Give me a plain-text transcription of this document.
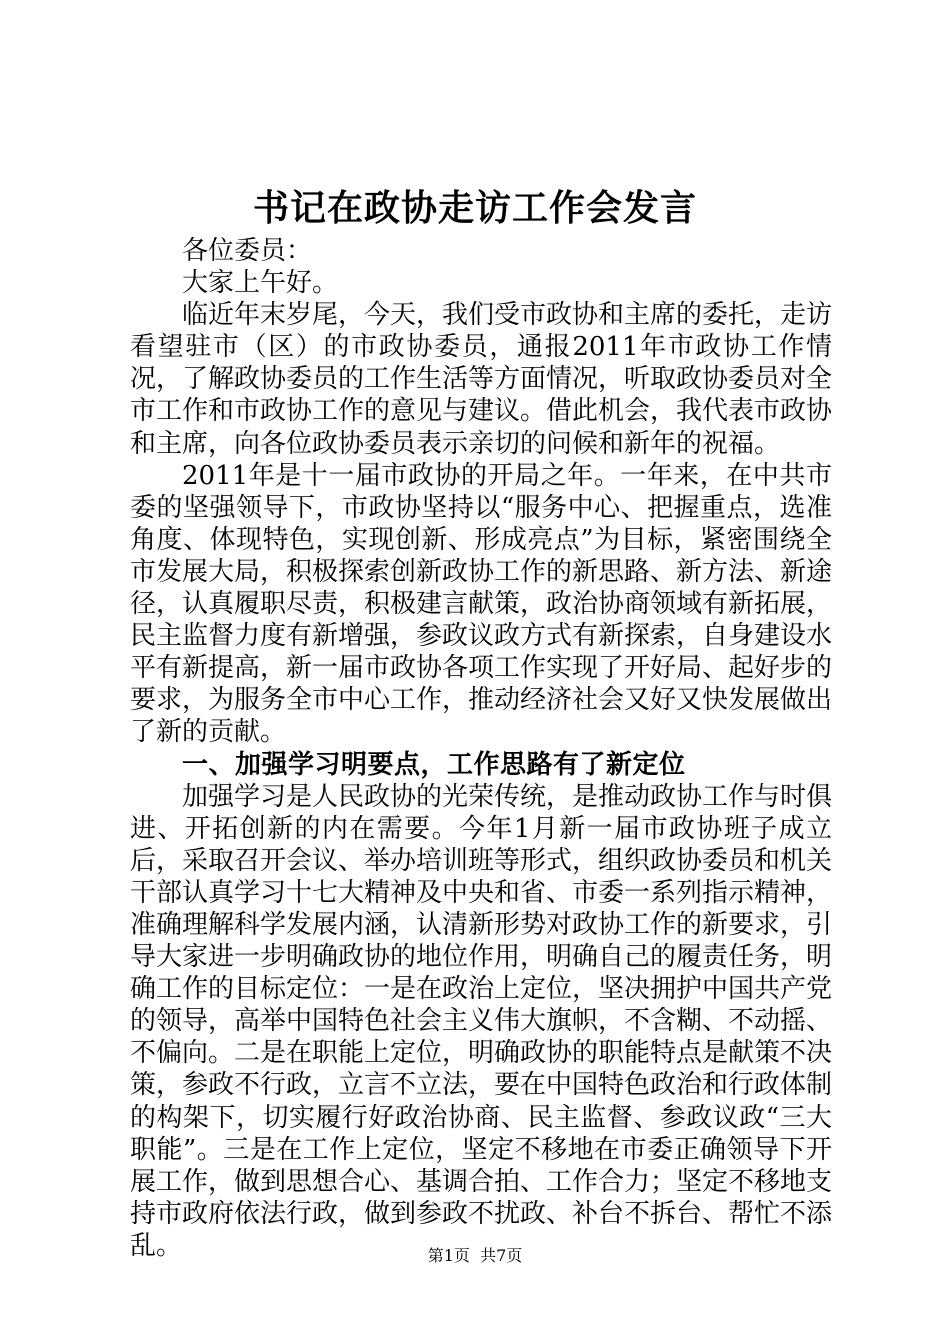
书记在政协走访工作会发言

各位委员：

大家上午好。

临近年末岁尾，今天，我们受市政协和主席的委托，走访看望驻市（区）的市政协委员，通报2011年市政协工作情况，了解政协委员的工作生活等方面情况，听取政协委员对全市工作和市政协工作的意见与建议。借此机会，我代表市政协和主席，向各位政协委员表示亲切的问候和新年的祝福。

2011年是十一届市政协的开局之年。一年来，在中共市委的坚强领导下，市政协坚持以“服务中心、把握重点，选准角度、体现特色，实现创新、形成亮点”为目标，紧密围绕全市发展大局，积极探索创新政协工作的新思路、新方法、新途径，认真履职尽责，积极建言献策，政治协商领域有新拓展，民主监督力度有新增强，参政议政方式有新探索，自身建设水平有新提高，新一届市政协各项工作实现了开好局、起好步的要求，为服务全市中心工作，推动经济社会又好又快发展做出了新的贡献。

一、加强学习明要点，工作思路有了新定位

加强学习是人民政协的光荣传统，是推动政协工作与时俱进、开拓创新的内在需要。今年1月新一届市政协班子成立后，采取召开会议、举办培训班等形式，组织政协委员和机关干部认真学习十七大精神及中央和省、市委一系列指示精神，准确理解科学发展内涵，认清新形势对政协工作的新要求，引导大家进一步明确政协的地位作用，明确自己的履责任务，明确工作的目标定位：一是在政治上定位，坚决拥护中国共产党的领导，高举中国特色社会主义伟大旗帜，不含糊、不动摇、不偏向。二是在职能上定位，明确政协的职能特点是献策不决策，参政不行政，立言不立法，要在中国特色政治和行政体制的构架下，切实履行好政治协商、民主监督、参政议政“三大职能”。三是在工作上定位，坚定不移地在市委正确领导下开展工作，做到思想合心、基调合拍、工作合力；坚定不移地支持市政府依法行政，做到参政不扰政、补台不拆台、帮忙不添乱。	第1页  共7页
